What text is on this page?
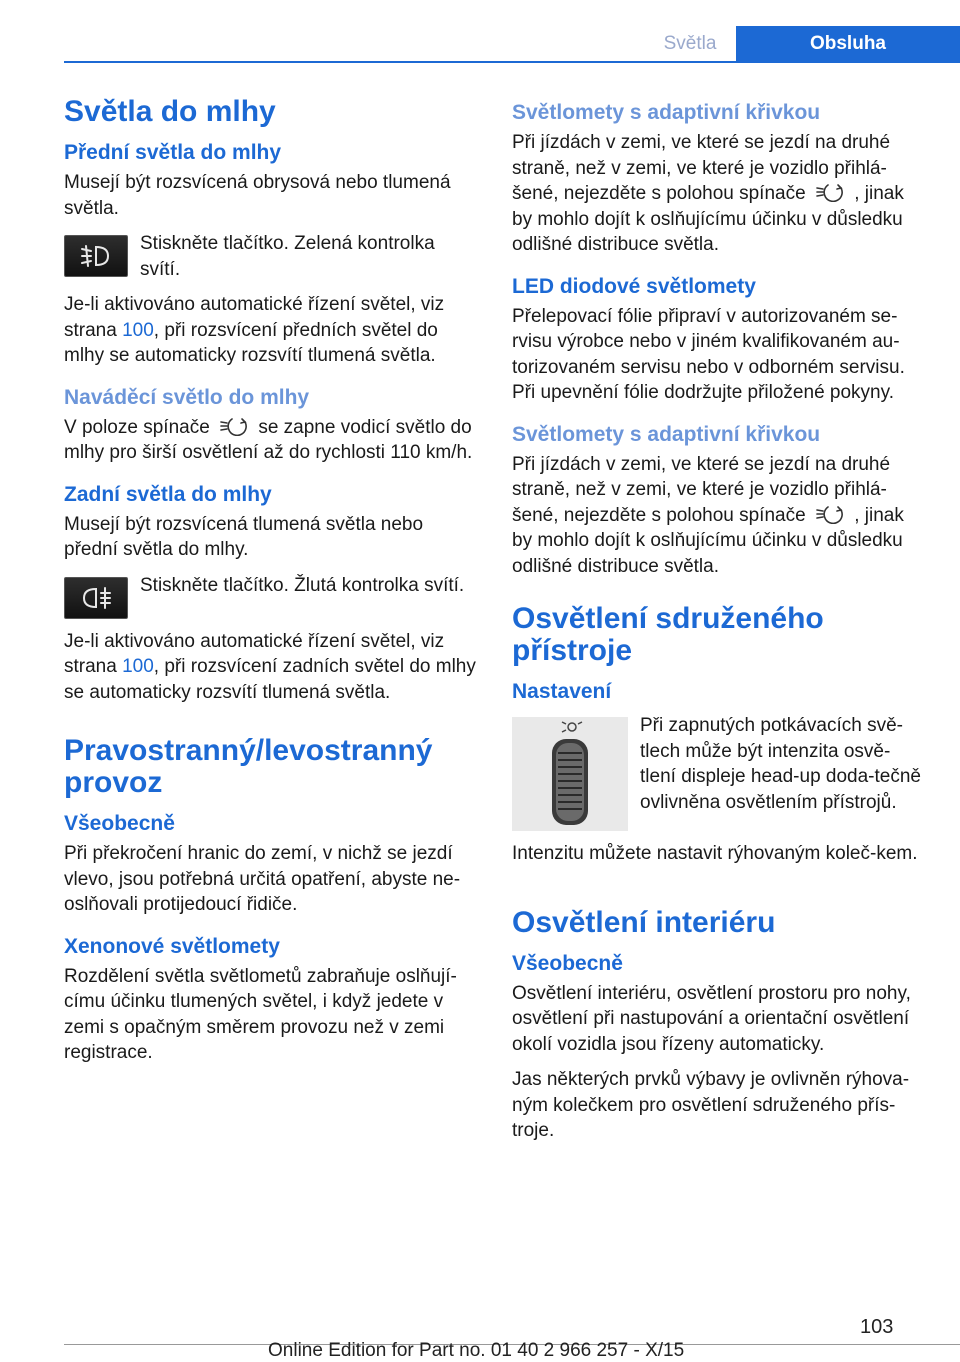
Světla	Obsluha
Světla do mlhy
Přední světla do mlhy

Musejí být rozsvícená obrysová nebo tlumená světla.

Stiskněte tlačítko. Zelená kontrolka svítí.

Je-li aktivováno automatické řízení světel, viz strana 100, při rozsvícení předních světel do mlhy se automaticky rozsvítí tlumená světla.

Naváděcí světlo do mlhy

V poloze spínače  se zapne vodicí světlo do mlhy pro širší osvětlení až do rychlosti 110 km/h.

Zadní světla do mlhy

Musejí být rozsvícená tlumená světla nebo přední světla do mlhy.

Stiskněte tlačítko. Žlutá kontrolka svítí.

Je-li aktivováno automatické řízení světel, viz strana 100, při rozsvícení zadních světel do mlhy se automaticky rozsvítí tlumená světla.

Pravostranný/levostranný provoz
Všeobecně

Při překročení hranic do zemí, v nichž se jezdí vlevo, jsou potřebná určitá opatření, abyste ne-oslňovali protijedoucí řidiče.

Xenonové světlomety

Rozdělení světla světlometů zabraňuje oslňují-címu účinku tlumených světel, i když jedete v zemi s opačným směrem provozu než v zemi registrace.

Světlomety s adaptivní křivkou

Při jízdách v zemi, ve které se jezdí na druhé straně, než v zemi, ve které je vozidlo přihlá-šené, nejezděte s polohou spínače  , jinak by mohlo dojít k oslňujícímu účinku v důsledku odlišné distribuce světla.

LED diodové světlomety

Přelepovací fólie připraví v autorizovaném se-rvisu výrobce nebo v jiném kvalifikovaném au-torizovaném servisu nebo v odborném servisu. Při upevnění fólie dodržujte přiložené pokyny.

Světlomety s adaptivní křivkou

Při jízdách v zemi, ve které se jezdí na druhé straně, než v zemi, ve které je vozidlo přihlá-šené, nejezděte s polohou spínače  , jinak by mohlo dojít k oslňujícímu účinku v důsledku odlišné distribuce světla.

Osvětlení sdruženého přístroje
Nastavení

Při zapnutých potkávacích svě-tlech může být intenzita osvě-tlení displeje head-up doda-tečně ovlivněna osvětlením přístrojů.

Intenzitu můžete nastavit rýhovaným koleč-kem.

Osvětlení interiéru
Všeobecně

Osvětlení interiéru, osvětlení prostoru pro nohy, osvětlení při nastupování a orientační osvětlení okolí vozidla jsou řízeny automaticky.

Jas některých prvků výbavy je ovlivněn rýhova-ným kolečkem pro osvětlení sdruženého přís-troje.

103
Online Edition for Part no. 01 40 2 966 257 - X/15
